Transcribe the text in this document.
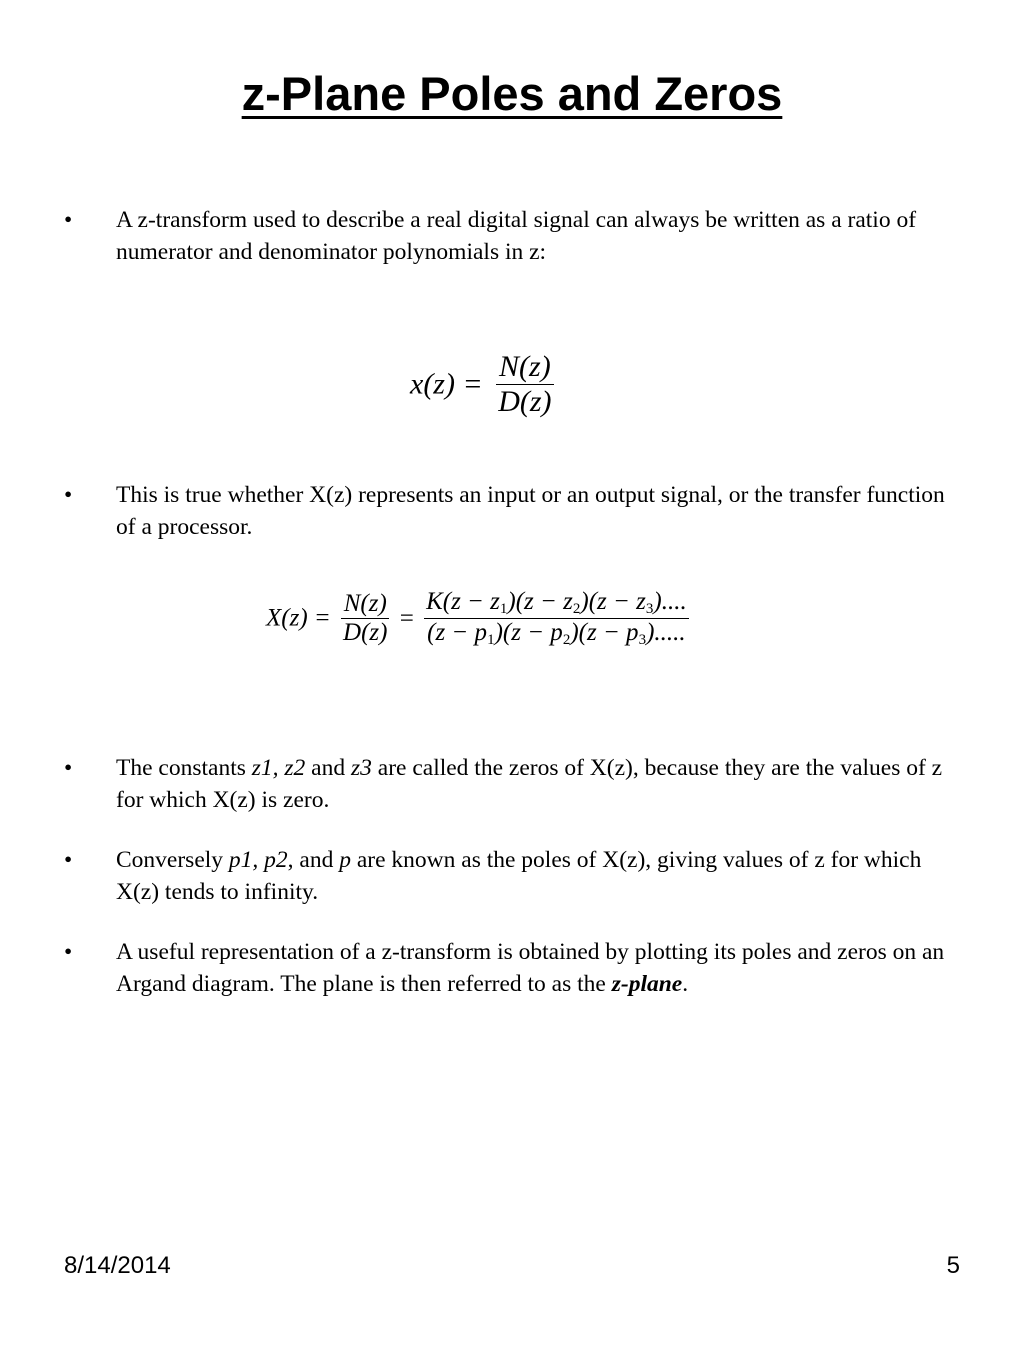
z-Plane Poles and Zeros
• A z-transform used to describe a real digital signal can always be written as a ratio of numerator and denominator polynomials in z:
$x(z) = \frac{N(z)}{D(z)}$
• This is true whether X(z) represents an input or an output signal, or the transfer function of a processor.
$X(z) = \frac{N(z)}{D(z)} = \frac{K(z - z_1)(z - z_2)(z - z_3)....}{(z - p_1)(z - p_2)(z - p_3).....}$
• The constants z1, z2 and z3 are called the zeros of X(z), because they are the values of z for which X(z) is zero.
• Conversely p1, p2, and p are known as the poles of X(z), giving values of z for which X(z) tends to infinity.
• A useful representation of a z-transform is obtained by plotting its poles and zeros on an Argand diagram. The plane is then referred to as the z-plane.
8/14/2014	5
